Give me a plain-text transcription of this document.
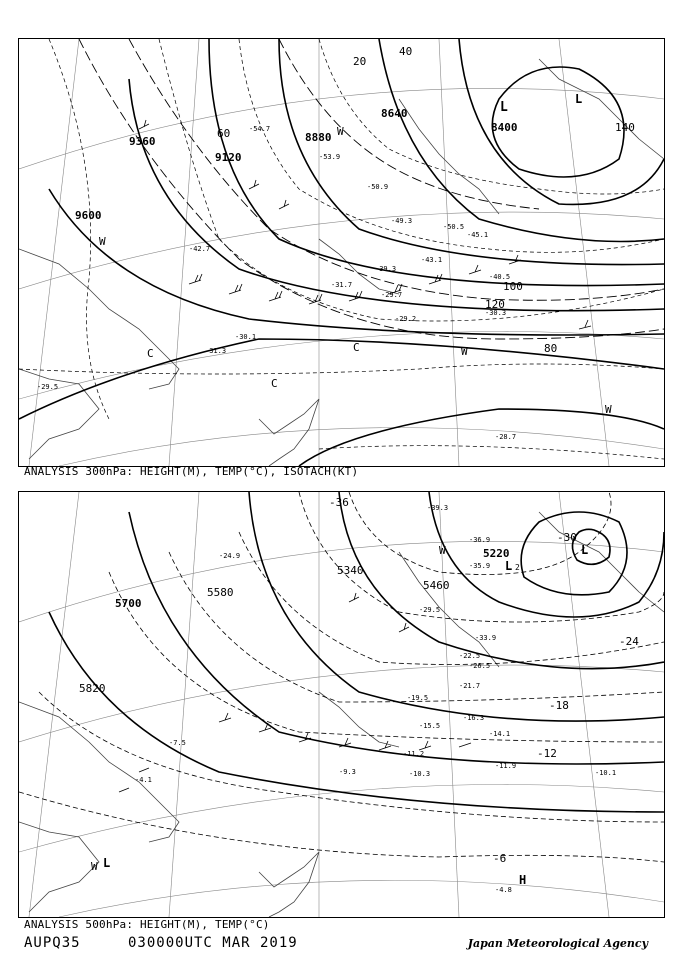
8400
8640
8880
9120
9360
9600
20
40
60
80
100
120
140
L
L
C	C
C
W
W
W
W
-54.7
-53.9
-50.9
-50.5
-49.3
-45.1
-43.1
-42.7
-40.5
-39.3
-31.7
-30.1
-29.7
-29.5
-29.2
-28.7
-30.3
-31.3
ANALYSIS 300hPa: HEIGHT(M), TEMP(°C), ISOTACH(KT)
5220
5340
5460
5580
5700
5820
-36
-30
-24
-18
-12
-6
L
L
L
H
W
W
2
-39.3
-36.9
-35.9
-33.9
-29.5
-26.5
-24.9
-22.5
-21.7
-19.5
-16.3
-15.5
-14.1
-11.9
-11.2
-10.3	-10.1
-9.3
-7.5
-4.8
-4.1
ANALYSIS 500hPa: HEIGHT(M), TEMP(°C)
AUPQ35	030000UTC MAR 2019	Japan Meteorological Agency
